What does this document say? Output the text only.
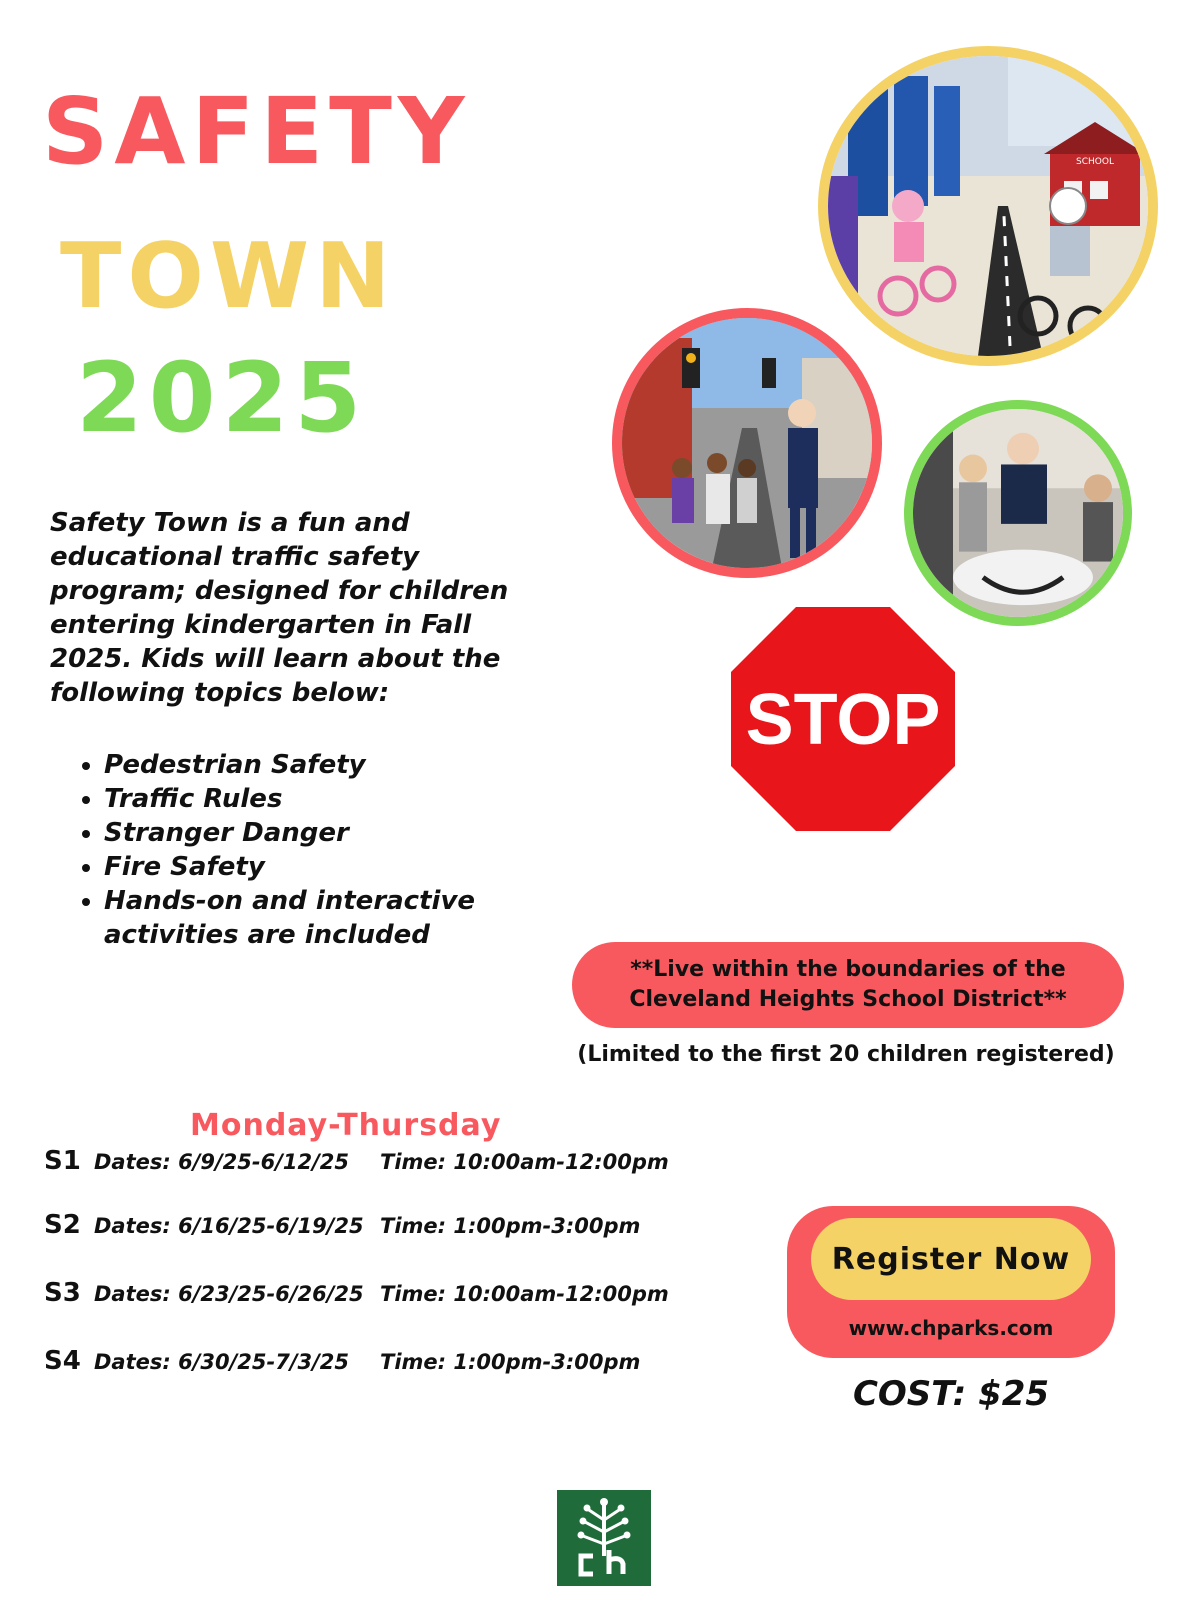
SAFETY
TOWN
2025

Safety Town is a fun and educational traffic safety program; designed for children entering kindergarten in Fall 2025. Kids will learn about the following topics below:

• Pedestrian Safety
• Traffic Rules
• Stranger Danger
• Fire Safety
• Hands-on and interactive activities are included
SCHOOL
STOP
**Live within the boundaries of the
Cleveland Heights School District**
(Limited to the first 20 children registered)
Monday-Thursday
S1 Dates: 6/9/25-6/12/25	Time: 10:00am-12:00pm
S2 Dates: 6/16/25-6/19/25 Time: 1:00pm-3:00pm
S3 Dates: 6/23/25-6/26/25 Time: 10:00am-12:00pm
S4 Dates: 6/30/25-7/3/25	Time: 1:00pm-3:00pm
Register Now
www.chparks.com
COST: $25
